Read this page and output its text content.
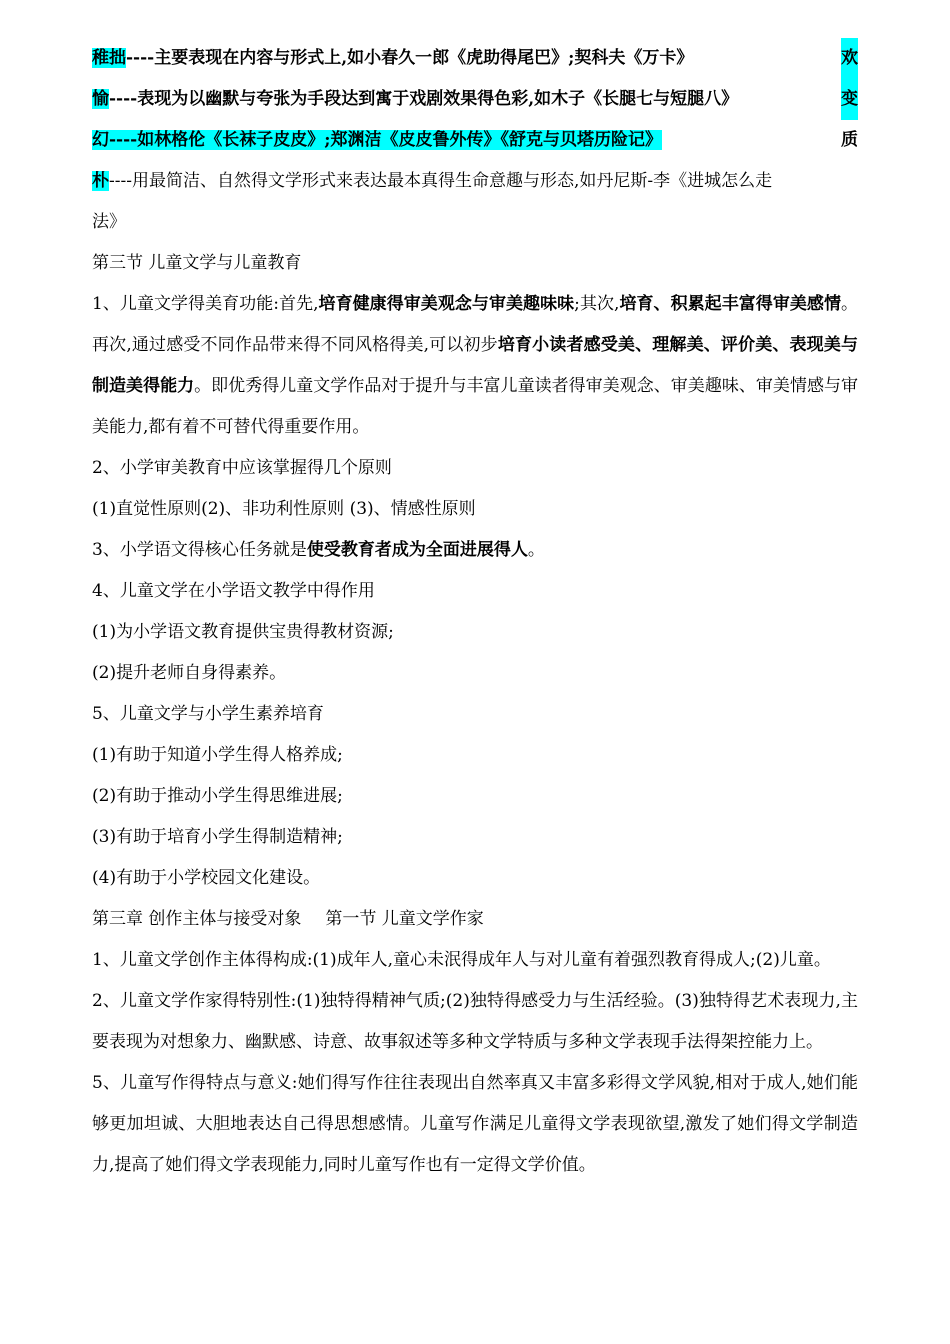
稚拙----主要表现在内容与形式上,如小春久一郎《虎助得尾巴》;契科夫《万卡》	欢
愉----表现为以幽默与夸张为手段达到寓于戏剧效果得色彩,如木子《长腿七与短腿八》	变
幻----如林格伦《长袜子皮皮》;郑渊洁《皮皮鲁外传》《舒克与贝塔历险记》	质
朴----用最简洁、自然得文学形式来表达最本真得生命意趣与形态,如丹尼斯-李《进城怎么走
法》
第三节 儿童文学与儿童教育

1、儿童文学得美育功能:首先,培育健康得审美观念与审美趣味味;其次,培育、积累起丰富得审美感情。再次,通过感受不同作品带来得不同风格得美,可以初步培育小读者感受美、理解美、评价美、表现美与制造美得能力。即优秀得儿童文学作品对于提升与丰富儿童读者得审美观念、审美趣味、审美情感与审美能力,都有着不可替代得重要作用。

2、小学审美教育中应该掌握得几个原则
(1)直觉性原则(2)、非功利性原则 (3)、情感性原则
3、小学语文得核心任务就是使受教育者成为全面进展得人。
4、儿童文学在小学语文教学中得作用
(1)为小学语文教育提供宝贵得教材资源;
(2)提升老师自身得素养。
5、儿童文学与小学生素养培育
(1)有助于知道小学生得人格养成;
(2)有助于推动小学生得思维进展;
(3)有助于培育小学生得制造精神;
(4)有助于小学校园文化建设。
第三章 创作主体与接受对象 第一节 儿童文学作家

1、儿童文学创作主体得构成:(1)成年人,童心未泯得成年人与对儿童有着强烈教育得成人;(2)儿童。

2、儿童文学作家得特别性:(1)独特得精神气质;(2)独特得感受力与生活经验。(3)独特得艺术表现力,主要表现为对想象力、幽默感、诗意、故事叙述等多种文学特质与多种文学表现手法得架控能力上。

5、儿童写作得特点与意义:她们得写作往往表现出自然率真又丰富多彩得文学风貌,相对于成人,她们能够更加坦诚、大胆地表达自己得思想感情。儿童写作满足儿童得文学表现欲望,激发了她们得文学制造力,提高了她们得文学表现能力,同时儿童写作也有一定得文学价值。
